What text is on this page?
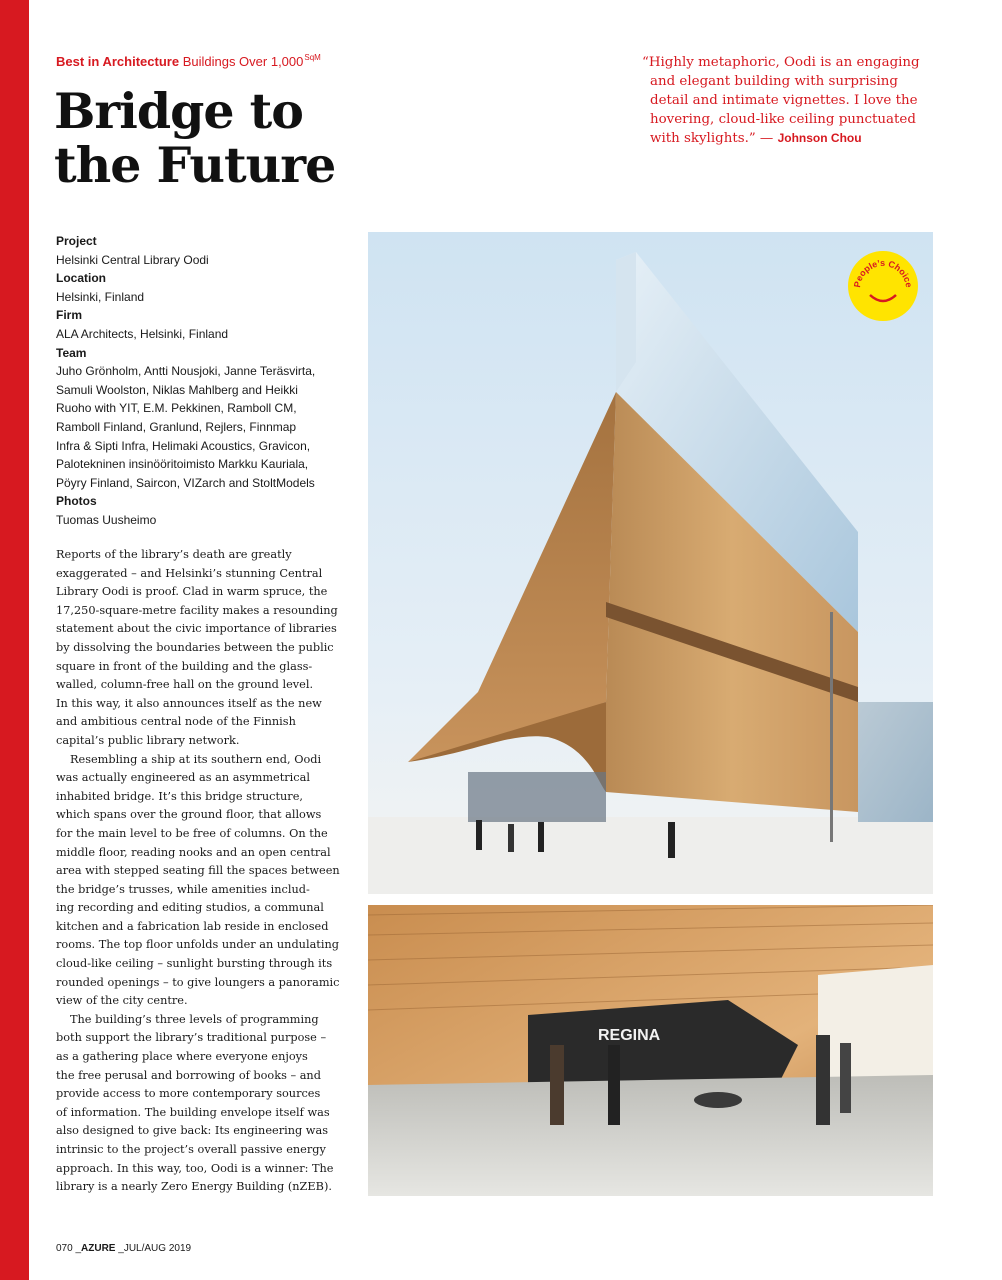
Best in Architecture Buildings Over $1,000^{SqM}$
Bridge to
the Future
“Highly metaphoric, Oodi is an engaging
and elegant building with surprising
detail and intimate vignettes. I love the
hovering, cloud-like ceiling punctuated
with skylights.” — Johnson Chou
Project
Helsinki Central Library Oodi
Location
Helsinki, Finland
Firm
ALA Architects, Helsinki, Finland
Team
Juho Grönholm, Antti Nousjoki, Janne Teräsvirta,
Samuli Woolston, Niklas Mahlberg and Heikki
Ruoho with YIT, E.M. Pekkinen, Ramboll CM,
Ramboll Finland, Granlund, Rejlers, Finnmap
Infra & Sipti Infra, Helimaki Acoustics, Gravicon,
Palotekninen insinööritoimisto Markku Kauriala,
Pöyry Finland, Saircon, VIZarch and StoltModels
Photos
Tuomas Uusheimo
Reports of the library’s death are greatly
exaggerated – and Helsinki’s stunning Central
Library Oodi is proof. Clad in warm spruce, the
17,250-square-metre facility makes a resounding
statement about the civic importance of libraries
by dissolving the boundaries between the public
square in front of the building and the glass-
walled, column-free hall on the ground level.
In this way, it also announces itself as the new
and ambitious central node of the Finnish
capital’s public library network.
Resembling a ship at its southern end, Oodi
was actually engineered as an asymmetrical
inhabited bridge. It’s this bridge structure,
which spans over the ground floor, that allows
for the main level to be free of columns. On the
middle floor, reading nooks and an open central
area with stepped seating fill the spaces between
the bridge’s trusses, while amenities includ-
ing recording and editing studios, a communal
kitchen and a fabrication lab reside in enclosed
rooms. The top floor unfolds under an undulating
cloud-like ceiling – sunlight bursting through its
rounded openings – to give loungers a panoramic
view of the city centre.
The building’s three levels of programming
both support the library’s traditional purpose –
as a gathering place where everyone enjoys
the free perusal and borrowing of books – and
provide access to more contemporary sources
of information. The building envelope itself was
also designed to give back: Its engineering was
intrinsic to the project’s overall passive energy
approach. In this way, too, Oodi is a winner: The
library is a nearly Zero Energy Building (nZEB).
People’s Choice
REGINA
070 _AZURE _JUL/AUG 2019
